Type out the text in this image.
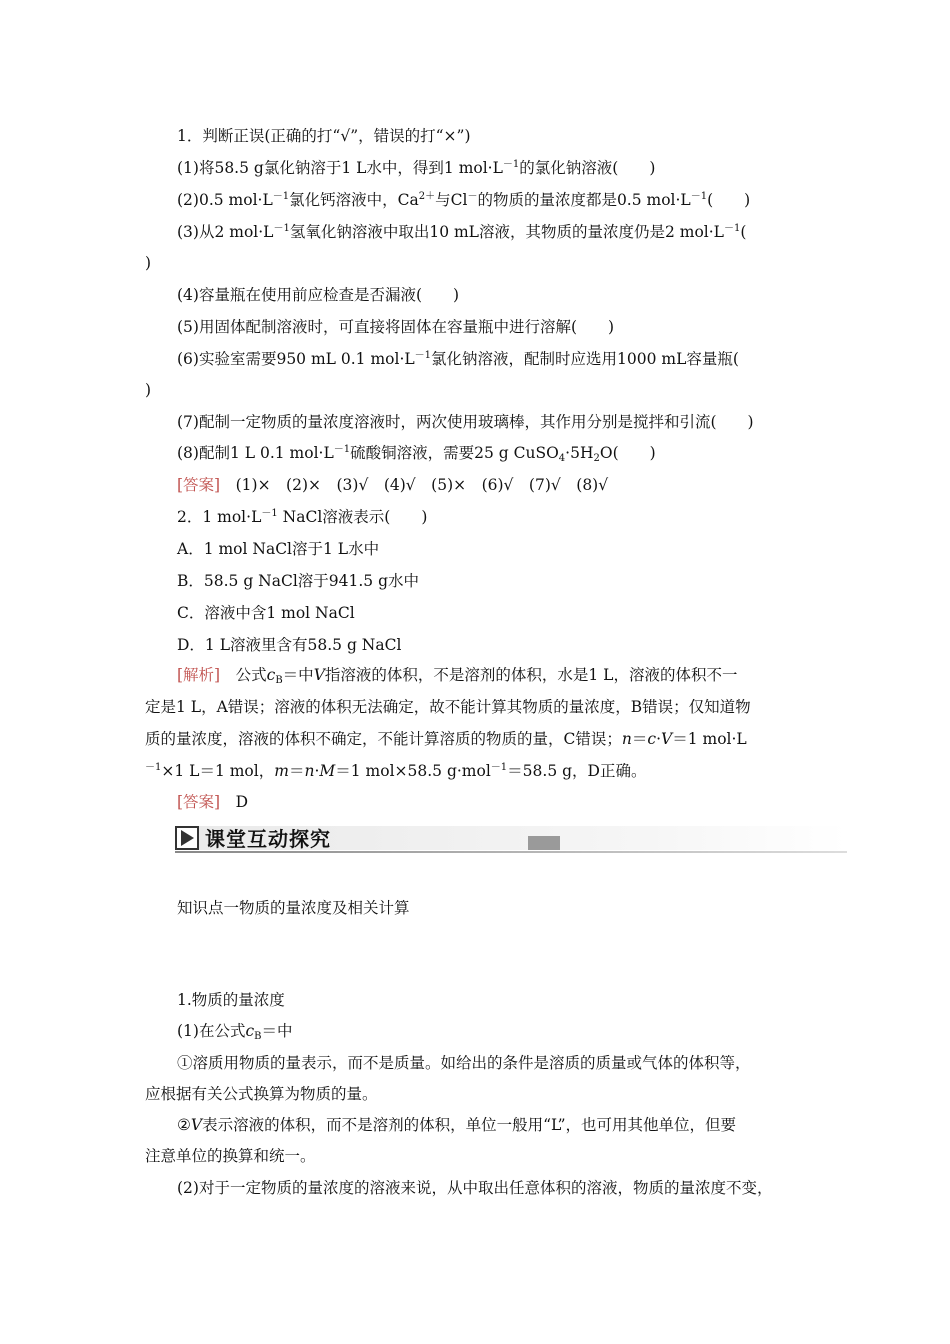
1．判断正误(正确的打“√”，错误的打“×”)
(1)将58.5 g氯化钠溶于1 L水中，得到1 $mol\cdot L^{-1}$的氯化钠溶液(　　)
(2)0.5 $mol\cdot L^{-1}$氯化钙溶液中，$Ca^{2+}$与Cl－的物质的量浓度都是0.5 $mol\cdot L^{-1}$(　　)
(3)从2 $mol\cdot L^{-1}$氢氧化钠溶液中取出10 mL溶液，其物质的量浓度仍是2 $mol\cdot L^{-1}$(
)
(4)容量瓶在使用前应检查是否漏液(　　)
(5)用固体配制溶液时，可直接将固体在容量瓶中进行溶解(　　)
(6)实验室需要950 mL 0.1 $mol\cdot L^{-1}$氯化钠溶液，配制时应选用1000 mL容量瓶(
)
(7)配制一定物质的量浓度溶液时，两次使用玻璃棒，其作用分别是搅拌和引流(　　)
(8)配制1 L 0.1 $mol\cdot L^{-1}$硫酸铜溶液，需要25 g $CuSO_4\cdot 5H_2O$(　　)
[答案]　(1)×　(2)×　(3)√　(4)√　(5)×　(6)√　(7)√　(8)√
2．1 $mol\cdot L^{-1}$ NaCl溶液表示(　　)
A．1 mol NaCl溶于1 L水中
B．58.5 g NaCl溶于941.5 g水中
C．溶液中含1 mol NaCl
D．1 L溶液里含有58.5 g NaCl
[解析]　公式$c_B=$中V指溶液的体积，不是溶剂的体积，水是1 L，溶液的体积不一
定是1 L，A错误；溶液的体积无法确定，故不能计算其物质的量浓度，B错误；仅知道物
质的量浓度，溶液的体积不确定，不能计算溶质的物质的量，C错误；n＝c·V＝1 mol·L
$^{-1}$×1 L＝1 mol，m＝n·M＝1 mol×58.5 g·mol$^{-1}$＝58.5 g，D正确。
[答案]　D
课堂互动探究
知识点一物质的量浓度及相关计算
1.物质的量浓度
(1)在公式$c_B=$中
①溶质用物质的量表示，而不是质量。如给出的条件是溶质的质量或气体的体积等，
应根据有关公式换算为物质的量。
②V表示溶液的体积，而不是溶剂的体积，单位一般用“L”，也可用其他单位，但要
注意单位的换算和统一。
(2)对于一定物质的量浓度的溶液来说，从中取出任意体积的溶液，物质的量浓度不变，
